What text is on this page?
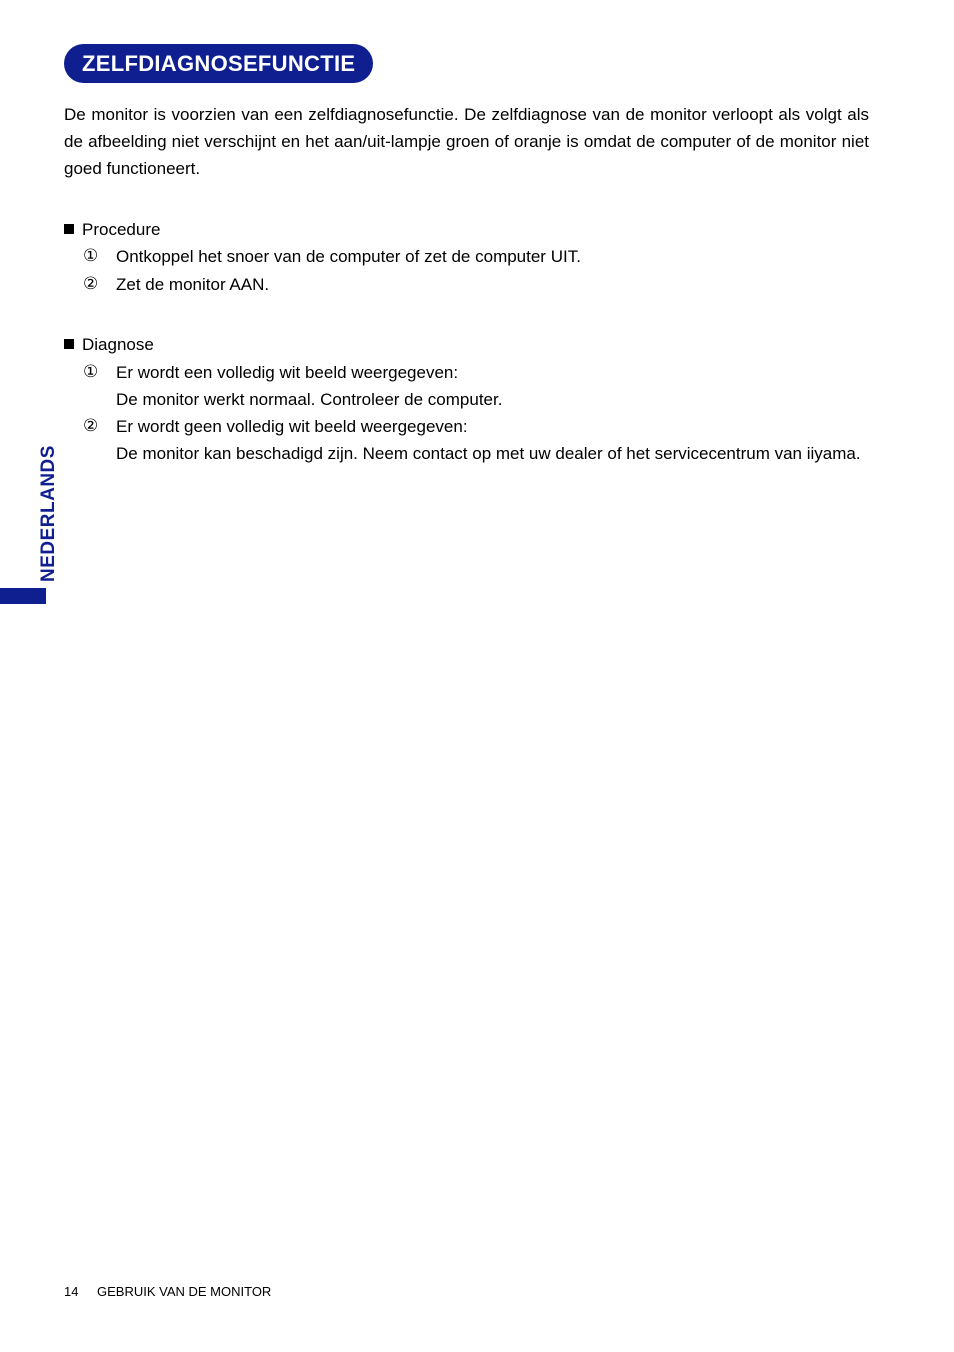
ZELFDIAGNOSEFUNCTIE

De monitor is voorzien van een zelfdiagnosefunctie. De zelfdiagnose van de monitor verloopt als volgt als de afbeelding niet verschijnt en het aan/uit-lampje groen of oranje is omdat de computer of de monitor niet goed functioneert.

Procedure
①	Ontkoppel het snoer van de computer of zet de computer UIT.
②	Zet de monitor AAN.
Diagnose
①	Er wordt een volledig wit beeld weergegeven:
De monitor werkt normaal. Controleer de computer.
②	Er wordt geen volledig wit beeld weergegeven:
De monitor kan beschadigd zijn. Neem contact op met uw dealer of het servicecentrum van iiyama.
NEDERLANDS
14 GEBRUIK VAN DE MONITOR
